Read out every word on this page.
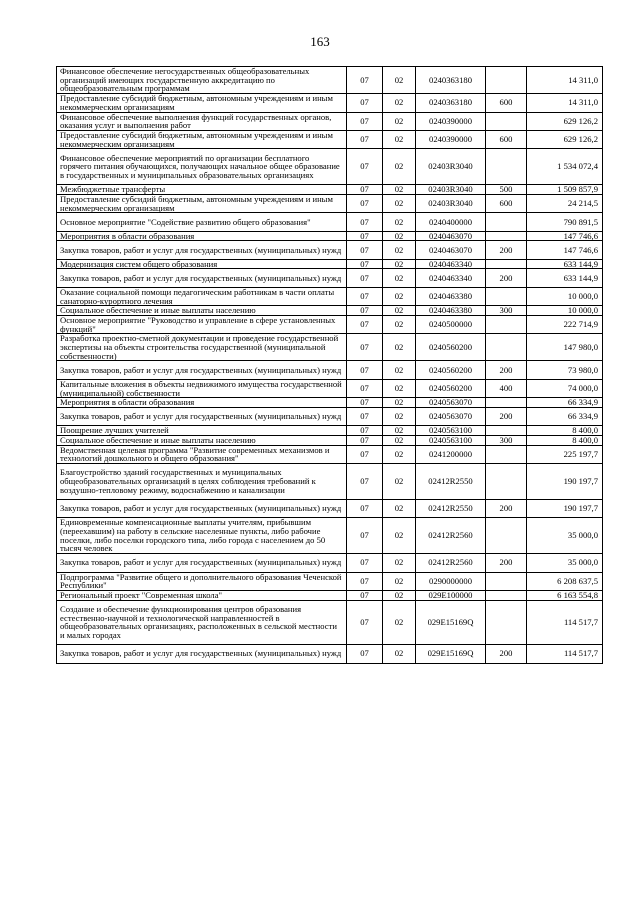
163
Финансовое обеспечение негосударственных общеобразовательных организаций имеющих государственную аккредитацию по общеобразовательным программам	07	02	0240363180		14 311,0
Предоставление субсидий бюджетным, автономным учреждениям и иным некоммерческим организациям	07	02	0240363180	600	14 311,0
Финансовое обеспечение выполнения функций государственных органов, оказания услуг и выполнения работ	07	02	0240390000		629 126,2
Предоставление субсидий бюджетным, автономным учреждениям и иным некоммерческим организациям	07	02	0240390000	600	629 126,2
Финансовое обеспечение мероприятий по организации бесплатного горячего питания обучающихся, получающих начальное общее образование в государственных и муниципальных образовательных организациях	07	02	02403R3040		1 534 072,4
Межбюджетные трансферты	07	02	02403R3040	500	1 509 857,9
Предоставление субсидий бюджетным, автономным учреждениям и иным некоммерческим организациям	07	02	02403R3040	600	24 214,5
Основное мероприятие "Содействие развитию общего образования"	07	02	0240400000		790 891,5
Мероприятия в области образования	07	02	0240463070		147 746,6
Закупка товаров, работ и услуг для государственных (муниципальных) нужд	07	02	0240463070	200	147 746,6
Модернизация систем общего образования	07	02	0240463340		633 144,9
Закупка товаров, работ и услуг для государственных (муниципальных) нужд	07	02	0240463340	200	633 144,9
Оказание социальной помощи педагогическим работникам в части оплаты санаторно-курортного лечения	07	02	0240463380		10 000,0
Социальное обеспечение и иные выплаты населению	07	02	0240463380	300	10 000,0
Основное мероприятие "Руководство и управление в сфере установленных функций"	07	02	0240500000		222 714,9
Разработка проектно-сметной документации и проведение государственной экспертизы на объекты строительства государственной (муниципальной собственности)	07	02	0240560200		147 980,0
Закупка товаров, работ и услуг для государственных (муниципальных) нужд	07	02	0240560200	200	73 980,0
Капитальные вложения в объекты недвижимого имущества государственной (муниципальной) собственности	07	02	0240560200	400	74 000,0
Мероприятия в области образования	07	02	0240563070		66 334,9
Закупка товаров, работ и услуг для государственных (муниципальных) нужд	07	02	0240563070	200	66 334,9
Поощрение лучших учителей	07	02	0240563100		8 400,0
Социальное обеспечение и иные выплаты населению	07	02	0240563100	300	8 400,0
Ведомственная целевая программа "Развитие современных механизмов и технологий дошкольного и общего образования"	07	02	0241200000		225 197,7
Благоустройство зданий государственных и муниципальных общеобразовательных организаций в целях соблюдения требований к воздушно-тепловому режиму, водоснабжению и канализации	07	02	02412R2550		190 197,7
Закупка товаров, работ и услуг для государственных (муниципальных) нужд	07	02	02412R2550	200	190 197,7
Единовременные компенсационные выплаты учителям, прибывшим (переехавшим) на работу в сельские населенные пункты, либо рабочие поселки, либо поселки городского типа, либо города с населением до 50 тысяч человек	07	02	02412R2560		35 000,0
Закупка товаров, работ и услуг для государственных (муниципальных) нужд	07	02	02412R2560	200	35 000,0
Подпрограмма "Развитие общего и дополнительного образования Чеченской Республики"	07	02	0290000000		6 208 637,5
Региональный проект "Современная школа"	07	02	029E100000		6 163 554,8
Создание и обеспечение функционирования центров образования естественно-научной и технологической направленностей в общеобразовательных организациях, расположенных в сельской местности и малых городах	07	02	029E15169Q		114 517,7
Закупка товаров, работ и услуг для государственных (муниципальных) нужд	07	02	029E15169Q	200	114 517,7
